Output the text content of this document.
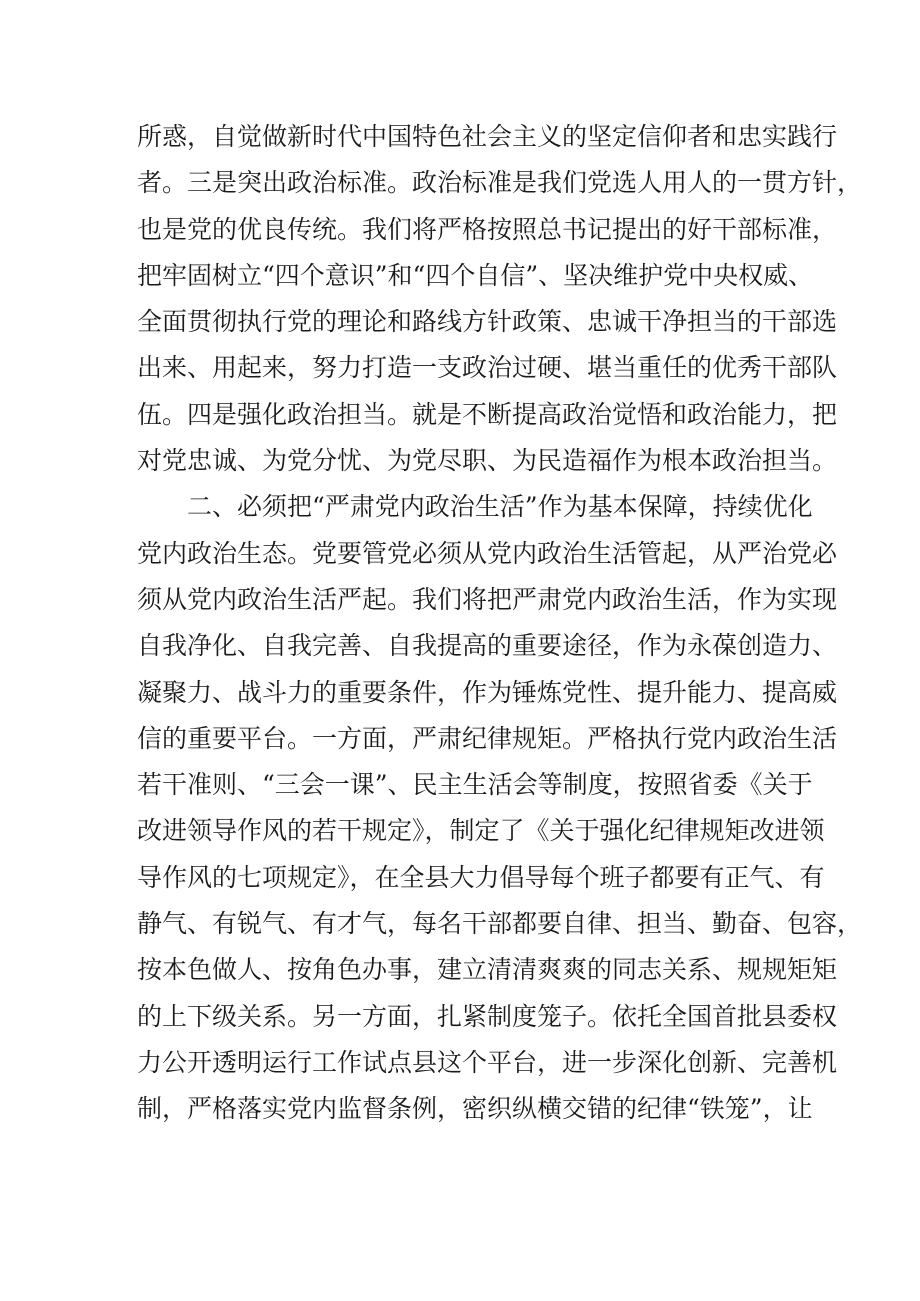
所惑，自觉做新时代中国特色社会主义的坚定信仰者和忠实践行
者。三是突出政治标准。政治标准是我们党选人用人的一贯方针，
也是党的优良传统。我们将严格按照总书记提出的好干部标准，
把牢固树立“四个意识”和“四个自信”、坚决维护党中央权威、
全面贯彻执行党的理论和路线方针政策、忠诚干净担当的干部选
出来、用起来，努力打造一支政治过硬、堪当重任的优秀干部队
伍。四是强化政治担当。就是不断提高政治觉悟和政治能力，把
对党忠诚、为党分忧、为党尽职、为民造福作为根本政治担当。
二、必须把“严肃党内政治生活”作为基本保障，持续优化
党内政治生态。党要管党必须从党内政治生活管起，从严治党必
须从党内政治生活严起。我们将把严肃党内政治生活，作为实现
自我净化、自我完善、自我提高的重要途径，作为永葆创造力、
凝聚力、战斗力的重要条件，作为锤炼党性、提升能力、提高威
信的重要平台。一方面，严肃纪律规矩。严格执行党内政治生活
若干准则、“三会一课”、民主生活会等制度，按照省委《关于
改进领导作风的若干规定》，制定了《关于强化纪律规矩改进领
导作风的七项规定》，在全县大力倡导每个班子都要有正气、有
静气、有锐气、有才气，每名干部都要自律、担当、勤奋、包容，
按本色做人、按角色办事，建立清清爽爽的同志关系、规规矩矩
的上下级关系。另一方面，扎紧制度笼子。依托全国首批县委权
力公开透明运行工作试点县这个平台，进一步深化创新、完善机
制，严格落实党内监督条例，密织纵横交错的纪律“铁笼”，让
